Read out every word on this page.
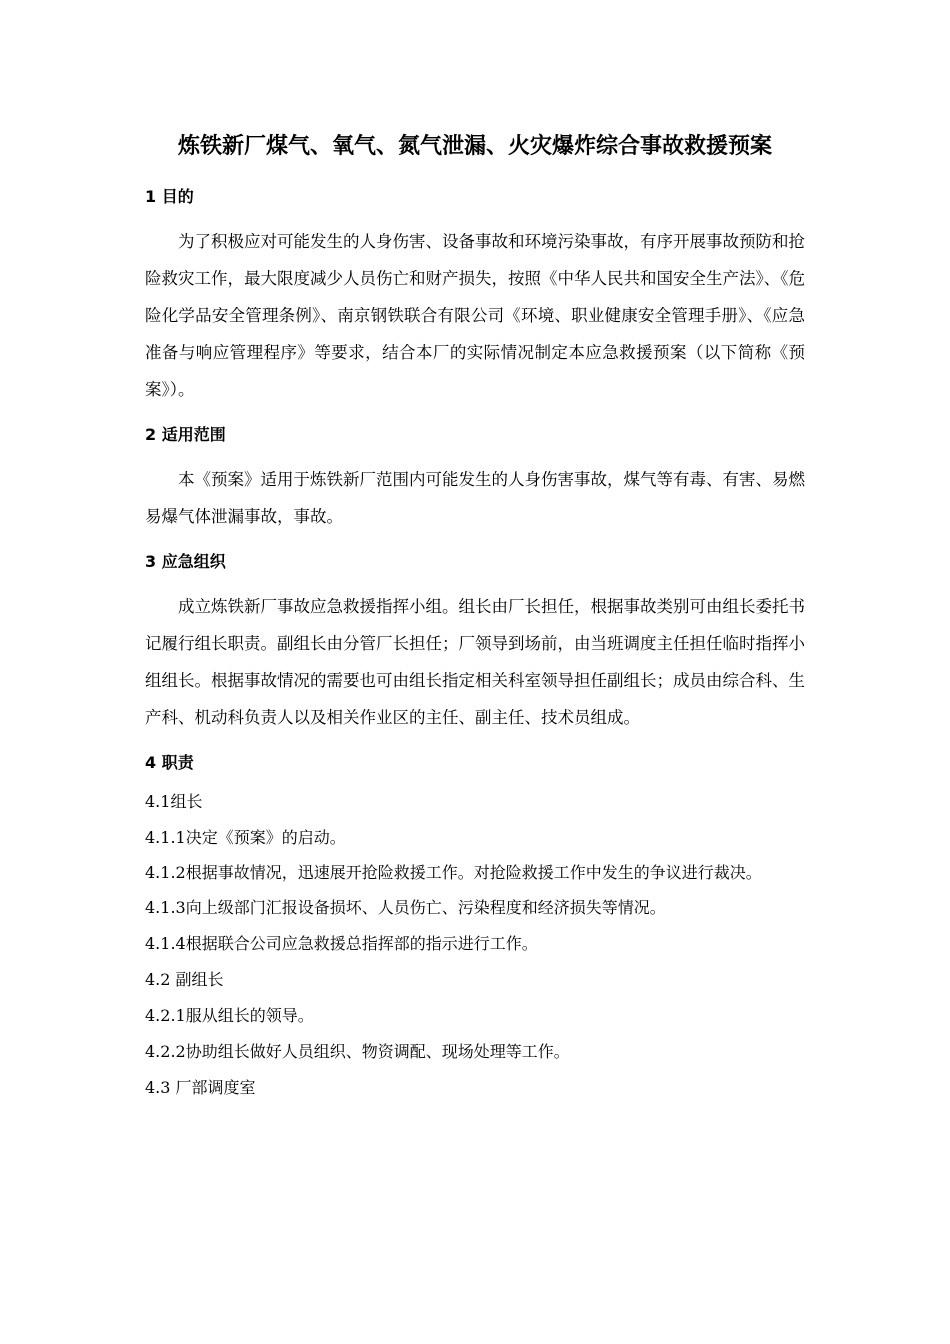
炼铁新厂煤气、氧气、氮气泄漏、火灾爆炸综合事故救援预案
1 目的

为了积极应对可能发生的人身伤害、设备事故和环境污染事故，有序开展事故预防和抢险救灾工作，最大限度减少人员伤亡和财产损失，按照《中华人民共和国安全生产法》、《危险化学品安全管理条例》、南京钢铁联合有限公司《环境、职业健康安全管理手册》、《应急准备与响应管理程序》等要求，结合本厂的实际情况制定本应急救援预案（以下简称《预案》）。

2 适用范围

本《预案》适用于炼铁新厂范围内可能发生的人身伤害事故，煤气等有毒、有害、易燃易爆气体泄漏事故，事故。

3 应急组织

成立炼铁新厂事故应急救援指挥小组。组长由厂长担任，根据事故类别可由组长委托书记履行组长职责。副组长由分管厂长担任；厂领导到场前，由当班调度主任担任临时指挥小组组长。根据事故情况的需要也可由组长指定相关科室领导担任副组长；成员由综合科、生产科、机动科负责人以及相关作业区的主任、副主任、技术员组成。

4 职责
4.1组长
4.1.1决定《预案》的启动。
4.1.2根据事故情况，迅速展开抢险救援工作。对抢险救援工作中发生的争议进行裁决。
4.1.3向上级部门汇报设备损坏、人员伤亡、污染程度和经济损失等情况。
4.1.4根据联合公司应急救援总指挥部的指示进行工作。
4.2 副组长
4.2.1服从组长的领导。
4.2.2协助组长做好人员组织、物资调配、现场处理等工作。
4.3 厂部调度室
